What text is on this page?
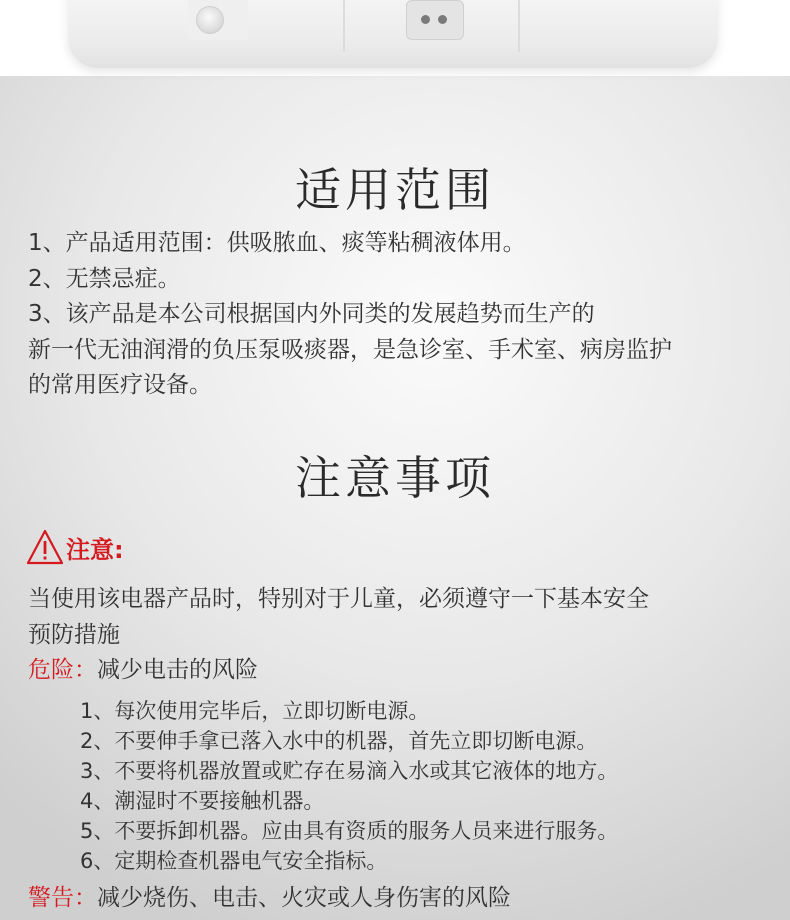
适用范围

1、产品适用范围：供吸脓血、痰等粘稠液体用。

2、无禁忌症。

3、该产品是本公司根据国内外同类的发展趋势而生产的

新一代无油润滑的负压泵吸痰器，是急诊室、手术室、病房监护

的常用医疗设备。

注意事项
注意:

当使用该电器产品时，特别对于儿童，必须遵守一下基本安全

预防措施

危险：减少电击的风险

1、每次使用完毕后，立即切断电源。
2、不要伸手拿已落入水中的机器，首先立即切断电源。
3、不要将机器放置或贮存在易滴入水或其它液体的地方。
4、潮湿时不要接触机器。
5、不要拆卸机器。应由具有资质的服务人员来进行服务。
6、定期检查机器电气安全指标。

警告：减少烧伤、电击、火灾或人身伤害的风险
